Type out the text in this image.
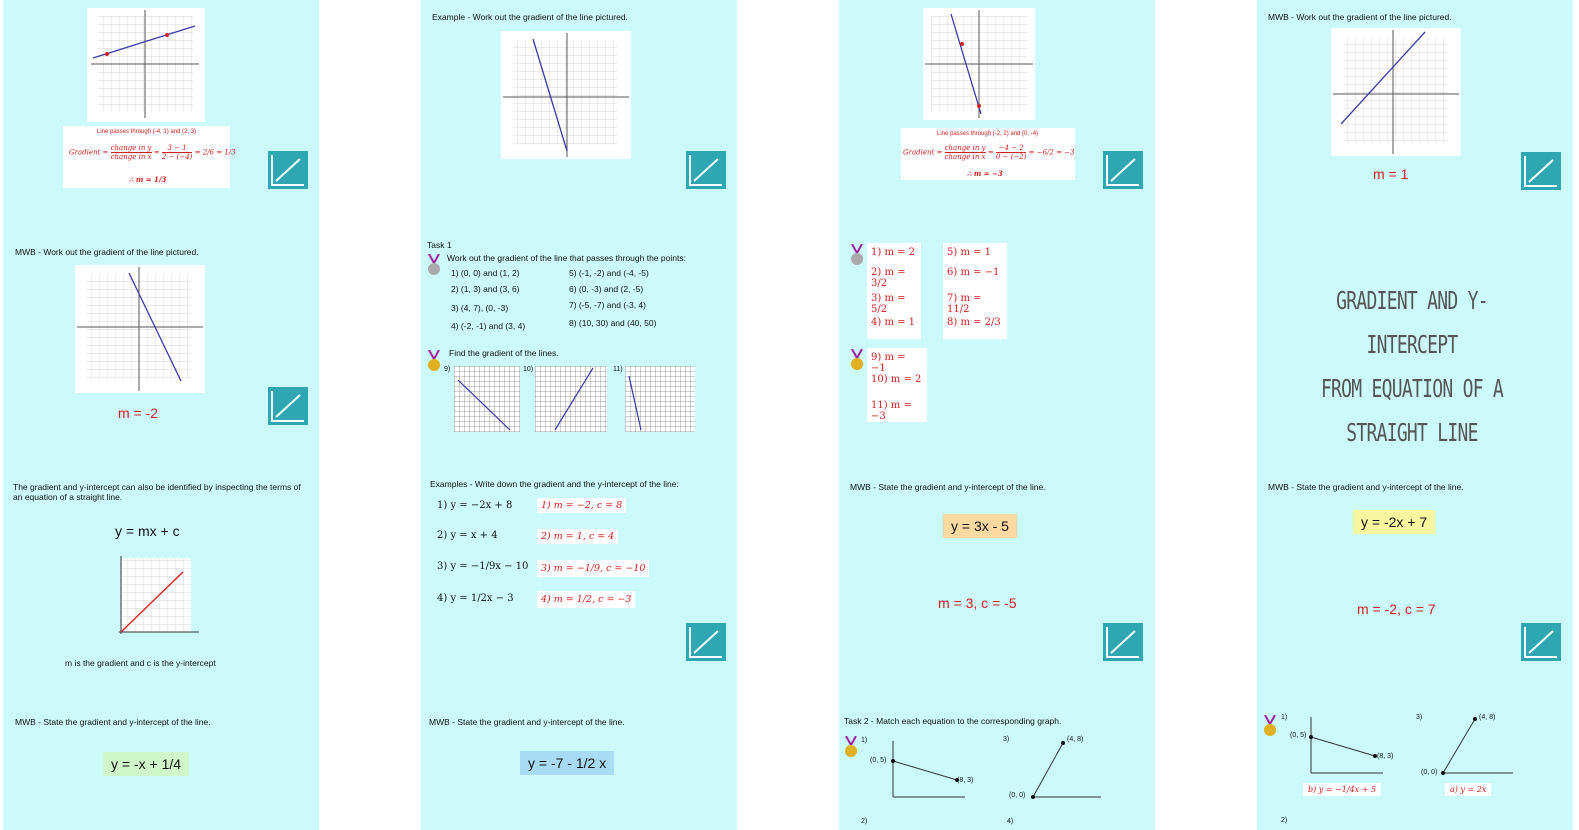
Line passes through (-4, 1) and (2, 3)
Gradient =
change in y
change in $x = \frac{3 - 1}{2 - (-4)} = 2/6 = 1/3$
∴ m = 1/3
MWB - Work out the gradient of the line pictured.
m = -2
The gradient and y-intercept can also be identified by inspecting the terms of an equation of a straight line.
y = mx + c
m is the gradient and c is the y-intercept
MWB - State the gradient and y-intercept of the line.
y = -x + 1/4
Example - Work out the gradient of the line pictured.
Task 1
Work out the gradient of the line that passes through the points:
1) (0, 0) and (1, 2)
2) (1, 3) and (3, 6)
3) (4, 7), (0, -3)
4) (-2, -1) and (3, 4)
5) (-1, -2) and (-4, -5)
6) (0, -3) and (2, -5)
7) (-5, -7) and (-3, 4)
8) (10, 30) and (40, 50)
Find the gradient of the lines.
9)	10)	11)
Examples - Write down the gradient and the y-intercept of the line:
1) y = −2x + 8
2) y = x + 4
3) y = −1/9x − 10
4) y = 1/2x − 3
1) m = −2, c = 8
2) m = 1, c = 4
3) m = −1/9, c = −10
4) m = 1/2, c = −3
MWB - State the gradient and y-intercept of the line.
y = -7 - 1/2 x
Line passes through (-2, 2) and (0, -4)
Gradient =
change in y
change in $x = \frac{-4 - 2}{0 - (-2)} = -6/2 = -3$
∴ m = −3
1) m = 2
2) m = 3/2
3) m = 5/2
4) m = 1
5) m = 1
6) m = −1
7) m = 11/2
8) m = 2/3
9) m = −1
10) m = 2
11) m = −3
MWB - State the gradient and y-intercept of the line.
y = 3x - 5
m = 3, c = -5
Task 2 - Match each equation to the corresponding graph.
1)
(0, 5)
(8, 3)
3)	(4, 8)
(0, 0)
2)	4)
MWB - Work out the gradient of the line pictured.
m = 1
GRADIENT AND Y-INTERCEPT
FROM EQUATION OF A
STRAIGHT LINE
MWB - State the gradient and y-intercept of the line.
y = -2x + 7
m = -2, c = 7
1)
(0, 5)
(8, 3)
3)	(4, 8)
(0, 0)
b) y = −1/4x + 5	a) y = 2x
2)
